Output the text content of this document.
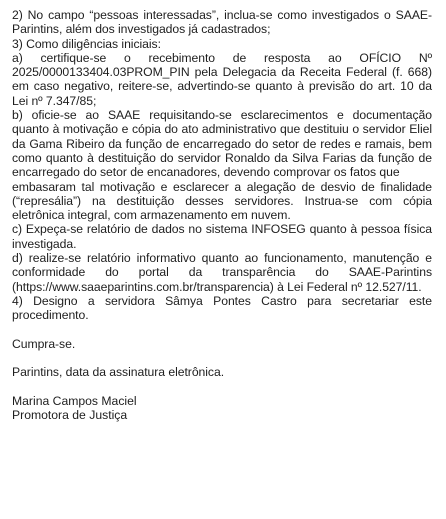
2) No campo “pessoas interessadas”, inclua-se como investigados o SAAE-Parintins, além dos investigados já cadastrados;

3) Como diligências iniciais:

a) certifique-se o recebimento de resposta ao OFÍCIO Nº 2025/0000133404.03PROM_PIN pela Delegacia da Receita Federal (f. 668) em caso negativo, reitere-se, advertindo-se quanto à previsão do art. 10 da Lei nº 7.347/85;

b) oficie-se ao SAAE requisitando-se esclarecimentos e documentação quanto à motivação e cópia do ato administrativo que destituiu o servidor Eliel da Gama Ribeiro da função de encarregado do setor de redes e ramais, bem como quanto à destituição do servidor Ronaldo da Silva Farias da função de encarregado do setor de encanadores, devendo comprovar os fatos que

embasaram tal motivação e esclarecer a alegação de desvio de finalidade (“represália”) na destituição desses servidores. Instrua-se com cópia eletrônica integral, com armazenamento em nuvem.

c) Expeça-se relatório de dados no sistema INFOSEG quanto à pessoa física investigada.

d) realize-se relatório informativo quanto ao funcionamento, manutenção e conformidade do portal da transparência do SAAE-Parintins (https://www.saaeparintins.com.br/transparencia) à Lei Federal nº 12.527/11.

4) Designo a servidora Sâmya Pontes Castro para secretariar este procedimento.

Cumpra-se.

Parintins, data da assinatura eletrônica.

Marina Campos Maciel

Promotora de Justiça
